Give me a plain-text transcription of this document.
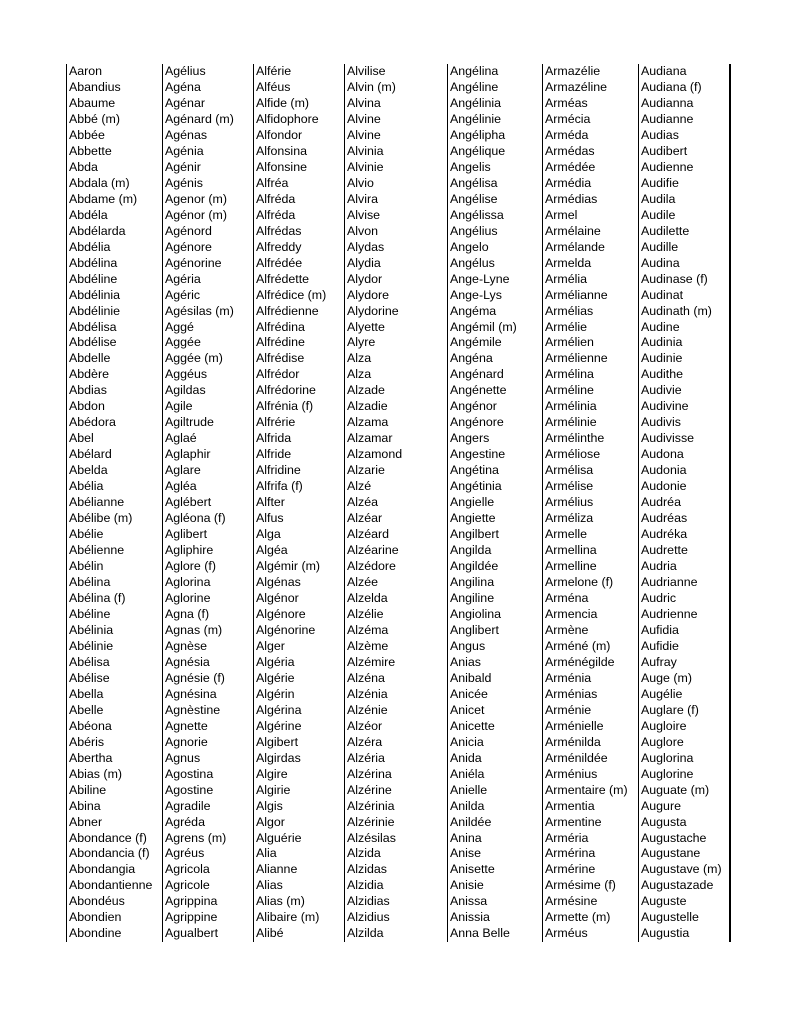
Aaron
Abandius
Abaume
Abbé (m)
Abbée
Abbette
Abda
Abdala (m)
Abdame (m)
Abdéla
Abdélarda
Abdélia
Abdélina
Abdéline
Abdélinia
Abdélinie
Abdélisa
Abdélise
Abdelle
Abdère
Abdias
Abdon
Abédora
Abel
Abélard
Abelda
Abélia
Abélianne
Abélibe (m)
Abélie
Abélienne
Abélin
Abélina
Abélina (f)
Abéline
Abélinia
Abélinie
Abélisa
Abélise
Abella
Abelle
Abéona
Abéris
Abertha
Abias (m)
Abiline
Abina
Abner
Abondance (f)
Abondancia (f)
Abondangia
Abondantienne
Abondéus
Abondien
Abondine
Agélius
Agéna
Agénar
Agénard (m)
Agénas
Agénia
Agénir
Agénis
Agenor (m)
Agénor (m)
Agénord
Agénore
Agénorine
Agéria
Agéric
Agésilas (m)
Aggé
Aggée
Aggée (m)
Aggéus
Agildas
Agile
Agiltrude
Aglaé
Aglaphir
Aglare
Agléa
Aglébert
Agléona (f)
Aglibert
Agliphire
Aglore (f)
Aglorina
Aglorine
Agna (f)
Agnas (m)
Agnèse
Agnésia
Agnésie (f)
Agnésina
Agnèstine
Agnette
Agnorie
Agnus
Agostina
Agostine
Agradile
Agréda
Agrens (m)
Agréus
Agricola
Agricole
Agrippina
Agrippine
Agualbert
Alférie
Alféus
Alfide (m)
Alfidophore
Alfondor
Alfonsina
Alfonsine
Alfréa
Alfréda
Alfréda
Alfrédas
Alfreddy
Alfrédée
Alfrédette
Alfrédice (m)
Alfrédienne
Alfrédina
Alfrédine
Alfrédise
Alfrédor
Alfrédorine
Alfrénia (f)
Alfrérie
Alfrida
Alfride
Alfridine
Alfrifa (f)
Alfter
Alfus
Alga
Algéa
Algémir (m)
Algénas
Algénor
Algénore
Algénorine
Alger
Algéria
Algérie
Algérin
Algérina
Algérine
Algibert
Algirdas
Algire
Algirie
Algis
Algor
Alguérie
Alia
Alianne
Alias
Alias (m)
Alibaire (m)
Alibé
Alvilise
Alvin (m)
Alvina
Alvine
Alvine
Alvinia
Alvinie
Alvio
Alvira
Alvise
Alvon
Alydas
Alydia
Alydor
Alydore
Alydorine
Alyette
Alyre
Alza
Alza
Alzade
Alzadie
Alzama
Alzamar
Alzamond
Alzarie
Alzé
Alzéa
Alzéar
Alzéard
Alzéarine
Alzédore
Alzée
Alzelda
Alzélie
Alzéma
Alzème
Alzémire
Alzéna
Alzénia
Alzénie
Alzéor
Alzéra
Alzéria
Alzérina
Alzérine
Alzérinia
Alzérinie
Alzésilas
Alzida
Alzidas
Alzidia
Alzidias
Alzidius
Alzilda
Angélina
Angéline
Angélinia
Angélinie
Angélipha
Angélique
Angelis
Angélisa
Angélise
Angélissa
Angélius
Angelo
Angélus
Ange-Lyne
Ange-Lys
Angéma
Angémil (m)
Angémile
Angéna
Angénard
Angénette
Angénor
Angénore
Angers
Angestine
Angétina
Angétinia
Angielle
Angiette
Angilbert
Angilda
Angildée
Angilina
Angiline
Angiolina
Anglibert
Angus
Anias
Anibald
Anicée
Anicet
Anicette
Anicia
Anida
Aniéla
Anielle
Anilda
Anildée
Anina
Anise
Anisette
Anisie
Anissa
Anissia
Anna Belle
Armazélie
Armazéline
Arméas
Armécia
Arméda
Armédas
Armédée
Armédia
Armédias
Armel
Armélaine
Armélande
Armelda
Armélia
Armélianne
Armélias
Armélie
Armélien
Armélienne
Armélina
Arméline
Armélinia
Armélinie
Armélinthe
Arméliose
Armélisa
Armélise
Armélius
Arméliza
Armelle
Armellina
Armelline
Armelone (f)
Arména
Armencia
Armène
Arméné (m)
Arménégilde
Arménia
Arménias
Arménie
Arménielle
Arménilda
Arménildée
Arménius
Armentaire (m)
Armentia
Armentine
Arméria
Armérina
Armérine
Armésime (f)
Armésine
Armette (m)
Arméus
Audiana
Audiana (f)
Audianna
Audianne
Audias
Audibert
Audienne
Audifie
Audila
Audile
Audilette
Audille
Audina
Audinase (f)
Audinat
Audinath (m)
Audine
Audinia
Audinie
Audithe
Audivie
Audivine
Audivis
Audivisse
Audona
Audonia
Audonie
Audréa
Audréas
Audréka
Audrette
Audria
Audrianne
Audric
Audrienne
Aufidia
Aufidie
Aufray
Auge (m)
Augélie
Auglare (f)
Augloire
Auglore
Auglorina
Auglorine
Auguate (m)
Augure
Augusta
Augustache
Augustane
Augustave (m)
Augustazade
Auguste
Augustelle
Augustia
